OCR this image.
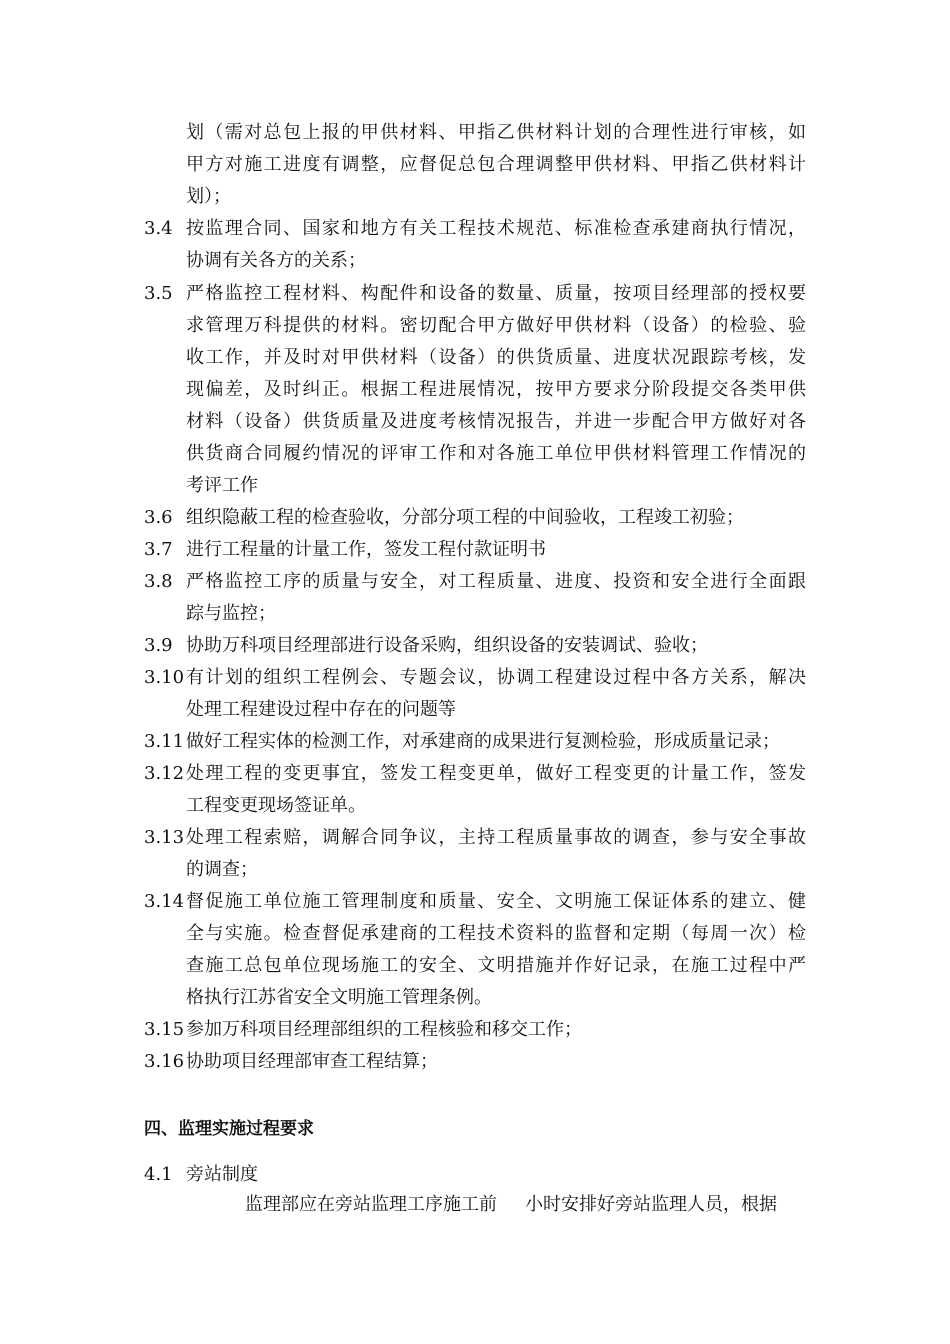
划（需对总包上报的甲供材料、甲指乙供材料计划的合理性进行审核，如
甲方对施工进度有调整，应督促总包合理调整甲供材料、甲指乙供材料计
划）；
3.4 按监理合同、国家和地方有关工程技术规范、标准检查承建商执行情况，
协调有关各方的关系；
3.5 严格监控工程材料、构配件和设备的数量、质量，按项目经理部的授权要
求管理万科提供的材料。密切配合甲方做好甲供材料（设备）的检验、验
收工作，并及时对甲供材料（设备）的供货质量、进度状况跟踪考核，发
现偏差，及时纠正。根据工程进展情况，按甲方要求分阶段提交各类甲供
材料（设备）供货质量及进度考核情况报告，并进一步配合甲方做好对各
供货商合同履约情况的评审工作和对各施工单位甲供材料管理工作情况的
考评工作
3.6 组织隐蔽工程的检查验收，分部分项工程的中间验收，工程竣工初验；
3.7 进行工程量的计量工作，签发工程付款证明书
3.8 严格监控工序的质量与安全，对工程质量、进度、投资和安全进行全面跟
踪与监控；
3.9 协助万科项目经理部进行设备采购，组织设备的安装调试、验收；
3.10 有计划的组织工程例会、专题会议，协调工程建设过程中各方关系，解决
处理工程建设过程中存在的问题等
3.11 做好工程实体的检测工作，对承建商的成果进行复测检验，形成质量记录；
3.12 处理工程的变更事宜，签发工程变更单，做好工程变更的计量工作，签发
工程变更现场签证单。
3.13 处理工程索赔，调解合同争议，主持工程质量事故的调查，参与安全事故
的调查；
3.14 督促施工单位施工管理制度和质量、安全、文明施工保证体系的建立、健
全与实施。检查督促承建商的工程技术资料的监督和定期（每周一次）检
查施工总包单位现场施工的安全、文明措施并作好记录，在施工过程中严
格执行江苏省安全文明施工管理条例。
3.15 参加万科项目经理部组织的工程核验和移交工作；
3.16 协助项目经理部审查工程结算；
四、监理实施过程要求
4.1 旁站制度
监理部应在旁站监理工序施工前 小时安排好旁站监理人员，根据
